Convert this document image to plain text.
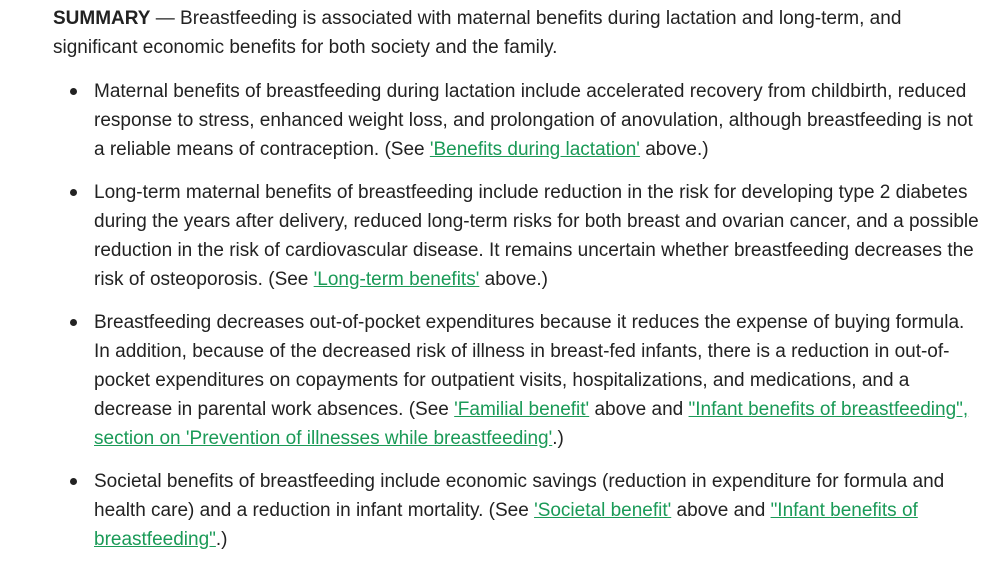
SUMMARY — Breastfeeding is associated with maternal benefits during lactation and long-term, and significant economic benefits for both society and the family.

Maternal benefits of breastfeeding during lactation include accelerated recovery from childbirth, reduced response to stress, enhanced weight loss, and prolongation of anovulation, although breastfeeding is not a reliable means of contraception. (See 'Benefits during lactation' above.)
Long-term maternal benefits of breastfeeding include reduction in the risk for developing type 2 diabetes during the years after delivery, reduced long-term risks for both breast and ovarian cancer, and a possible reduction in the risk of cardiovascular disease. It remains uncertain whether breastfeeding decreases the risk of osteoporosis. (See 'Long-term benefits' above.)
Breastfeeding decreases out-of-pocket expenditures because it reduces the expense of buying formula. In addition, because of the decreased risk of illness in breast-fed infants, there is a reduction in out-of-pocket expenditures on copayments for outpatient visits, hospitalizations, and medications, and a decrease in parental work absences. (See 'Familial benefit' above and "Infant benefits of breastfeeding", section on 'Prevention of illnesses while breastfeeding'.)
Societal benefits of breastfeeding include economic savings (reduction in expenditure for formula and health care) and a reduction in infant mortality. (See 'Societal benefit' above and "Infant benefits of breastfeeding".)
